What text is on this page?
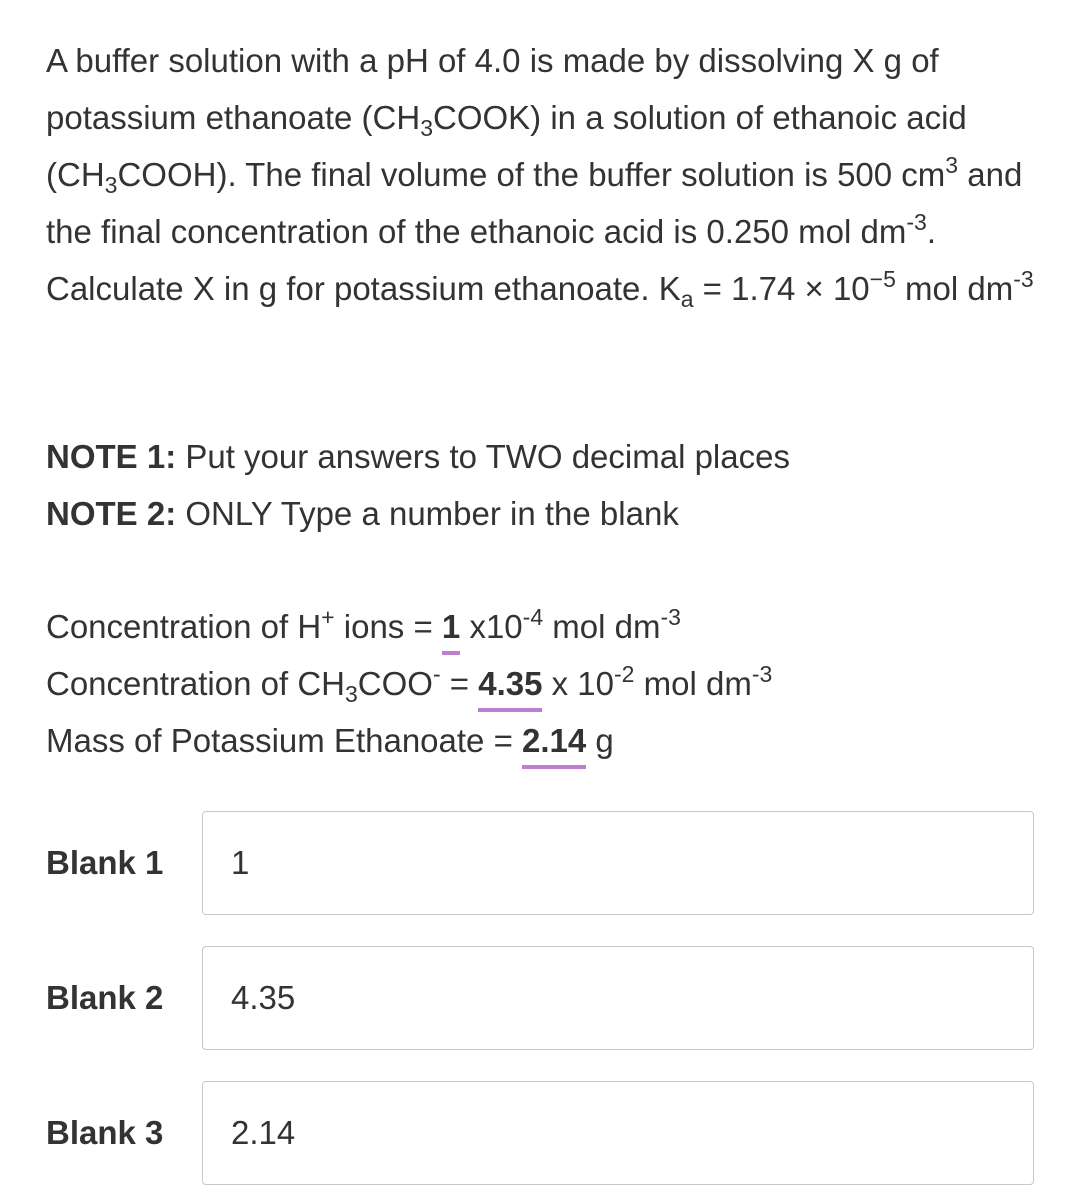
A buffer solution with a pH of 4.0 is made by dissolving X g of potassium ethanoate $(CH_3COOK)$ in a solution of ethanoic acid $(CH_3COOH)$. The final volume of the buffer solution is 500 $cm^3$ and the final concentration of the ethanoic acid is 0.250 mol $dm^{-3}$. Calculate X in g for potassium ethanoate. $K_a = 1.74 \times 10^{-5}$ mol $dm^{-3}$

NOTE 1: Put your answers to TWO decimal places
NOTE 2: ONLY Type a number in the blank
Concentration of H+ ions = 1 $x10^{-4}$ mol $dm^{-3}$
Concentration of $CH_3COO^- = 4.35$ x $10^{-2}$ mol $dm^{-3}$
Mass of Potassium Ethanoate = 2.14 g
Blank 1
1
Blank 2
4.35
Blank 3
2.14
